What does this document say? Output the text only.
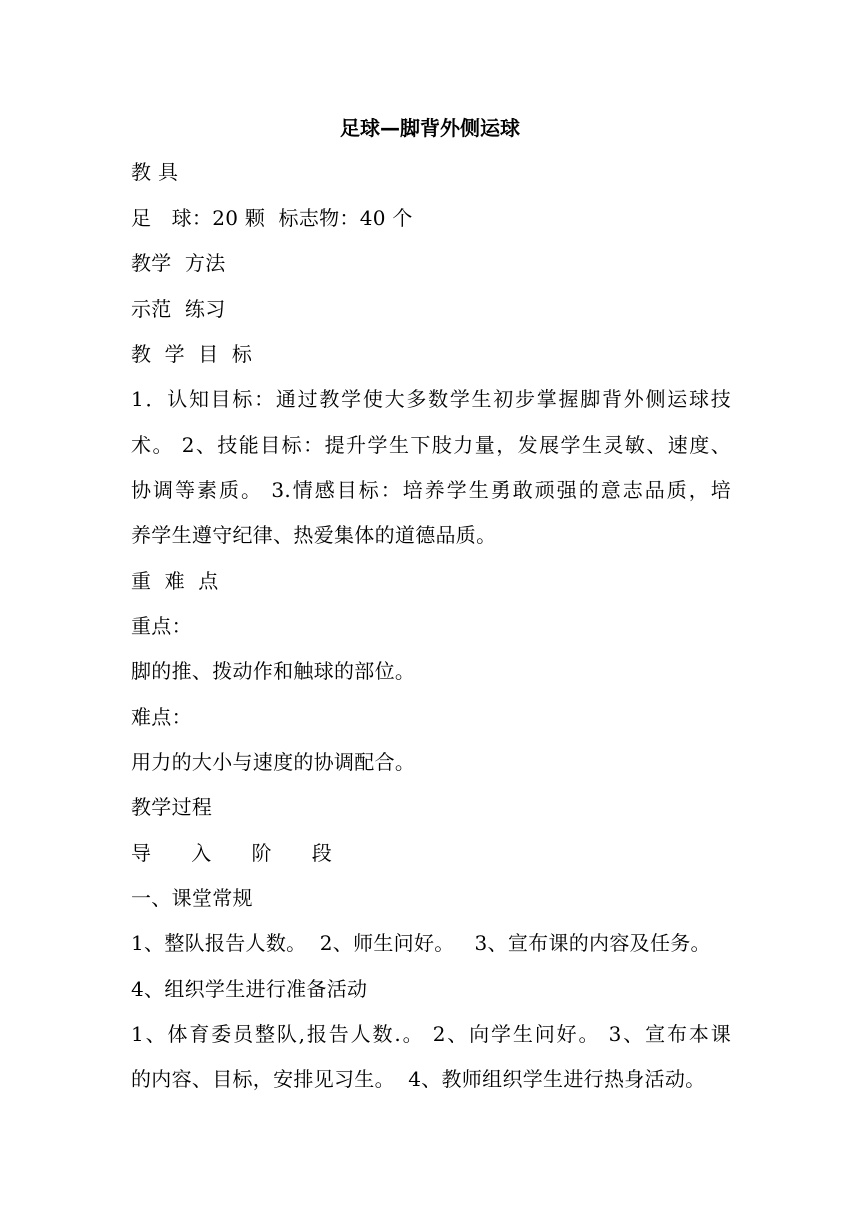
足球—脚背外侧运球
教 具
足　球：20 颗  标志物：40 个
教学  方法
示范  练习
教  学  目  标
1．认知目标：通过教学使大多数学生初步掌握脚背外侧运球技
术。 2、技能目标：提升学生下肢力量，发展学生灵敏、速度、
协调等素质。 3.情感目标：培养学生勇敢顽强的意志品质，培
养学生遵守纪律、热爱集体的道德品质。
重  难  点
重点：
脚的推、拨动作和触球的部位。
难点：
用力的大小与速度的协调配合。
教学过程
导      入      阶      段
一、课堂常规
1、整队报告人数。  2、师生问好。   3、宣布课的内容及任务。
4、组织学生进行准备活动
1、体育委员整队,报告人数.。 2、向学生问好。 3、宣布本课
的内容、目标，安排见习生。  4、教师组织学生进行热身活动。
